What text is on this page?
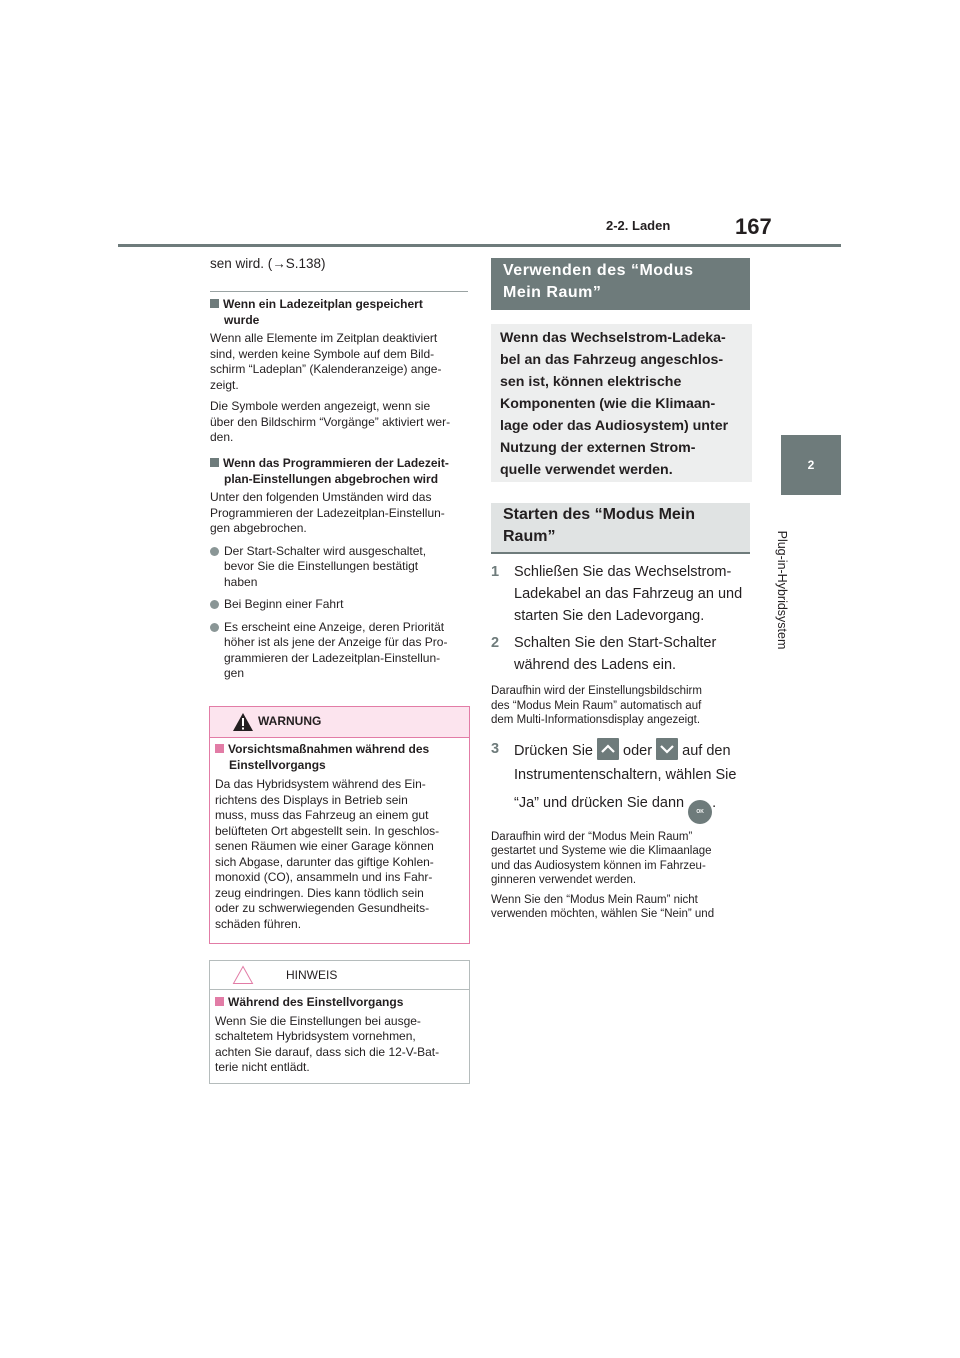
2-2. Laden	167
2
Plug-in-Hybridsystem
sen wird. (→S.138)

Wenn ein Ladezeitplan gespeichert

wurde

Wenn alle Elemente im Zeitplan deaktiviert

sind, werden keine Symbole auf dem Bild-

schirm “Ladeplan” (Kalenderanzeige) ange-

zeigt.

Die Symbole werden angezeigt, wenn sie

über den Bildschirm “Vorgänge” aktiviert wer-

den.

Wenn das Programmieren der Ladezeit-

plan-Einstellungen abgebrochen wird

Unter den folgenden Umständen wird das

Programmieren der Ladezeitplan-Einstellun-

gen abgebrochen.

Der Start-Schalter wird ausgeschaltet,

bevor Sie die Einstellungen bestätigt

haben

Bei Beginn einer Fahrt

Es erscheint eine Anzeige, deren Priorität

höher ist als jene der Anzeige für das Pro-

grammieren der Ladezeitplan-Einstellun-

gen

WARNUNG

Vorsichtsmaßnahmen während des

Einstellvorgangs

Da das Hybridsystem während des Ein-

richtens des Displays in Betrieb sein

muss, muss das Fahrzeug an einem gut

belüfteten Ort abgestellt sein. In geschlos-

senen Räumen wie einer Garage können

sich Abgase, darunter das giftige Kohlen-

monoxid (CO), ansammeln und ins Fahr-

zeug eindringen. Dies kann tödlich sein

oder zu schwerwiegenden Gesundheits-

schäden führen.

HINWEIS

Während des Einstellvorgangs

Wenn Sie die Einstellungen bei ausge-

schaltetem Hybridsystem vornehmen,

achten Sie darauf, dass sich die 12-V-Bat-

terie nicht entlädt.

Verwenden des “Modus
Mein Raum”
Wenn das Wechselstrom-Ladeka-
bel an das Fahrzeug angeschlos-
sen ist, können elektrische
Komponenten (wie die Klimaan-
lage oder das Audiosystem) unter
Nutzung der externen Strom-
quelle verwendet werden.
Starten des “Modus Mein
Raum”
1 Schließen Sie das Wechselstrom-
Ladekabel an das Fahrzeug an und
starten Sie den Ladevorgang.
2 Schalten Sie den Start-Schalter
während des Ladens ein.
Daraufhin wird der Einstellungsbildschirm
des “Modus Mein Raum” automatisch auf
dem Multi-Informationsdisplay angezeigt.
3 Drücken Sie oder auf den
Instrumentenschaltern, wählen Sie
“Ja” und drücken Sie dann OK.
Daraufhin wird der “Modus Mein Raum”
gestartet und Systeme wie die Klimaanlage
und das Audiosystem können im Fahrzeu-
ginneren verwendet werden.
Wenn Sie den “Modus Mein Raum” nicht
verwenden möchten, wählen Sie “Nein” und
